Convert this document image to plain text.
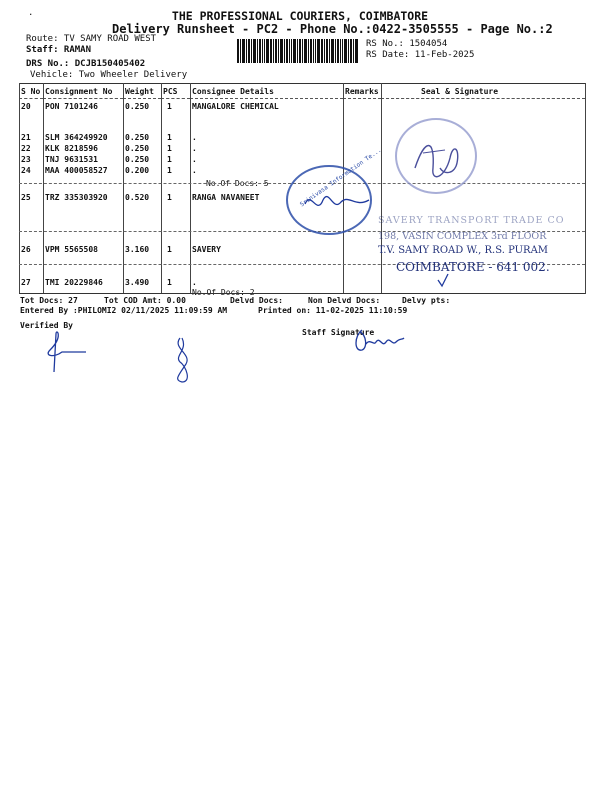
.	THE PROFESSIONAL COURIERS, COIMBATORE
Delivery Runsheet - PC2 - Phone No.:0422-3505555 - Page No.:2
Route: TV SAMY ROAD WEST
Staff: RAMAN
DRS No.: DCJB150405402
Vehicle: Two Wheeler Delivery
RS No.: 1504054
RS Date: 11-Feb-2025
S No	Consignment No	Weight	PCS	Consignee Details	Remarks	Seal & Signature
20	PON 7101246	0.250	1	MANGALORE CHEMICAL		
21	SLM 364249920	0.250	1	.		
22	KLK 8218596	0.250	1	.		
23	TNJ 9631531	0.250	1	.		
24	MAA 400058527	0.200	1	.		
				No.Of Docs: 5		
25	TRZ 335303920	0.520	1	RANGA NAVANEET		
26	VPM 5565508	3.160	1	SAVERY		
27	TMI 20229846	3.490	1	.		
				No.Of Docs: 2		
Srinivasa Information Te...
SAVERY TRANSPORT TRADE CO
198, VASIN COMPLEX 3rd FLOOR
T.V. SAMY ROAD W., R.S. PURAM
COIMBATORE - 641 002.
Tot Docs: 27	Tot COD Amt: 0.00	Delvd Docs:	Non Delvd Docs:	Delvy pts:
Entered By :PHILOMI2 02/11/2025 11:09:59 AM	Printed on: 11-02-2025 11:10:59
Verified By
Staff Signature
